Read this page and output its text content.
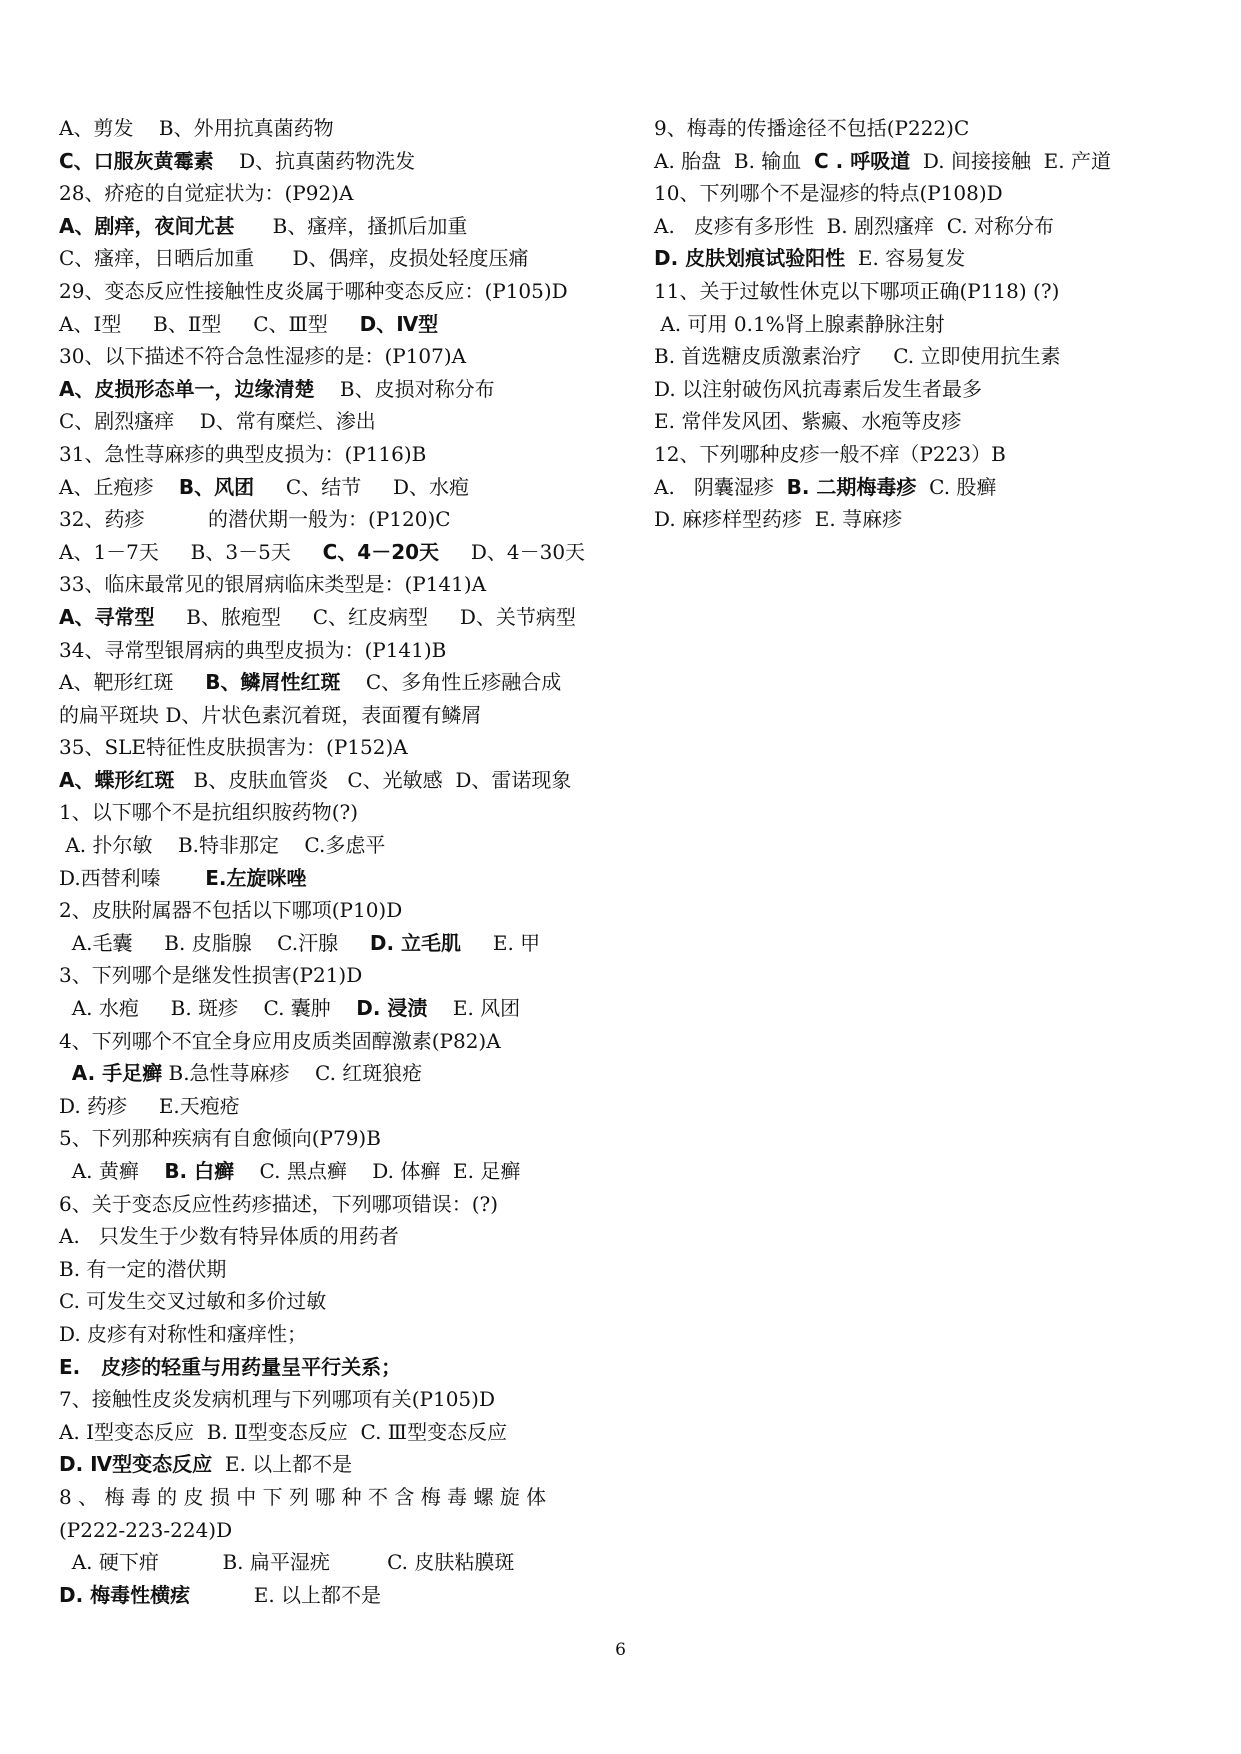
A、剪发    B、外用抗真菌药物
C、口服灰黄霉素    D、抗真菌药物洗发
28、疥疮的自觉症状为：(P92)A
A、剧痒，夜间尤甚      B、瘙痒，搔抓后加重
C、瘙痒，日晒后加重      D、偶痒，皮损处轻度压痛
29、变态反应性接触性皮炎属于哪种变态反应：(P105)D
A、Ⅰ型     B、Ⅱ型     C、Ⅲ型     D、Ⅳ型
30、以下描述不符合急性湿疹的是：(P107)A
A、皮损形态单一，边缘清楚    B、皮损对称分布
C、剧烈瘙痒    D、常有糜烂、渗出
31、急性荨麻疹的典型皮损为：(P116)B
A、丘疱疹    B、风团     C、结节     D、水疱
32、药疹          的潜伏期一般为：(P120)C
A、1－7天     B、3－5天     C、4－20天     D、4－30天
33、临床最常见的银屑病临床类型是：(P141)A
A、寻常型     B、脓疱型     C、红皮病型     D、关节病型
34、寻常型银屑病的典型皮损为：(P141)B
A、靶形红斑     B、鳞屑性红斑    C、多角性丘疹融合成
的扁平斑块 D、片状色素沉着斑，表面覆有鳞屑
35、SLE特征性皮肤损害为：(P152)A
A、蝶形红斑   B、皮肤血管炎   C、光敏感  D、雷诺现象
1、以下哪个不是抗组织胺药物(?)
A. 扑尔敏    B.特非那定    C.多虑平
D.西替利嗪       E.左旋咪唑
2、皮肤附属器不包括以下哪项(P10)D
A.毛囊     B. 皮脂腺    C.汗腺     D. 立毛肌     E. 甲
3、下列哪个是继发性损害(P21)D
A. 水疱     B. 斑疹    C. 囊肿    D. 浸渍    E. 风团
4、下列哪个不宜全身应用皮质类固醇激素(P82)A
A. 手足癣 B.急性荨麻疹    C. 红斑狼疮
D. 药疹     E.天疱疮
5、下列那种疾病有自愈倾向(P79)B
A. 黄癣    B. 白癣    C. 黑点癣    D. 体癣  E. 足癣
6、关于变态反应性药疹描述，下列哪项错误：(?)
A.   只发生于少数有特异体质的用药者
B. 有一定的潜伏期
C. 可发生交叉过敏和多价过敏
D. 皮疹有对称性和瘙痒性；
E.   皮疹的轻重与用药量呈平行关系；
7、接触性皮炎发病机理与下列哪项有关(P105)D
A. Ⅰ型变态反应  B. Ⅱ型变态反应  C. Ⅲ型变态反应
D. Ⅳ型变态反应  E. 以上都不是
8 、 梅 毒 的 皮 损 中 下 列 哪 种 不 含 梅 毒 螺 旋 体
(P222-223-224)D
A. 硬下疳          B. 扁平湿疣         C. 皮肤粘膜斑
D. 梅毒性横痃          E. 以上都不是
9、梅毒的传播途径不包括(P222)C
A. 胎盘  B. 输血  C . 呼吸道  D. 间接接触  E. 产道
10、下列哪个不是湿疹的特点(P108)D
A.   皮疹有多形性  B. 剧烈瘙痒  C. 对称分布
D. 皮肤划痕试验阳性  E. 容易复发
11、关于过敏性休克以下哪项正确(P118) (?)
A. 可用 0.1%肾上腺素静脉注射
B. 首选糖皮质激素治疗     C. 立即使用抗生素
D. 以注射破伤风抗毒素后发生者最多
E. 常伴发风团、紫癜、水疱等皮疹
12、下列哪种皮疹一般不痒（P223）B
A.   阴囊湿疹  B. 二期梅毒疹  C. 股癣
D. 麻疹样型药疹  E. 荨麻疹
6
